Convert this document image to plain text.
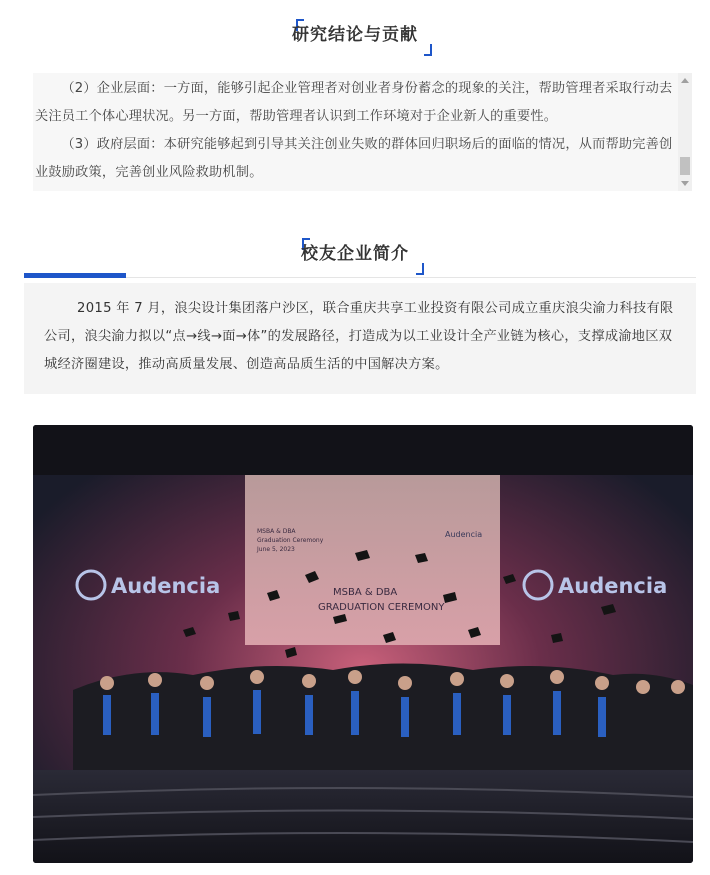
研究结论与贡献

（2）企业层面：一方面，能够引起企业管理者对创业者身份蓄念的现象的关注，帮助管理者采取行动去关注员工个体心理状况。另一方面，帮助管理者认识到工作环境对于企业新人的重要性。

（3）政府层面：本研究能够起到引导其关注创业失败的群体回归职场后的面临的情况，从而帮助完善创业鼓励政策，完善创业风险救助机制。

校友企业简介
2015 年 7 月，浪尖设计集团落户沙区，联合重庆共享工业投资有限公司成立重庆浪尖渝力科技有限公司，浪尖渝力拟以“点→线→面→体”的发展路径，打造成为以工业设计全产业链为核心，支撑成渝地区双城经济圈建设，推动高质量发展、创造高品质生活的中国解决方案。
MSBA & DBA
Graduation Ceremony
June 5, 2023
Audencia
MSBA & DBA
GRADUATION CEREMONY
Audencia	Audencia
